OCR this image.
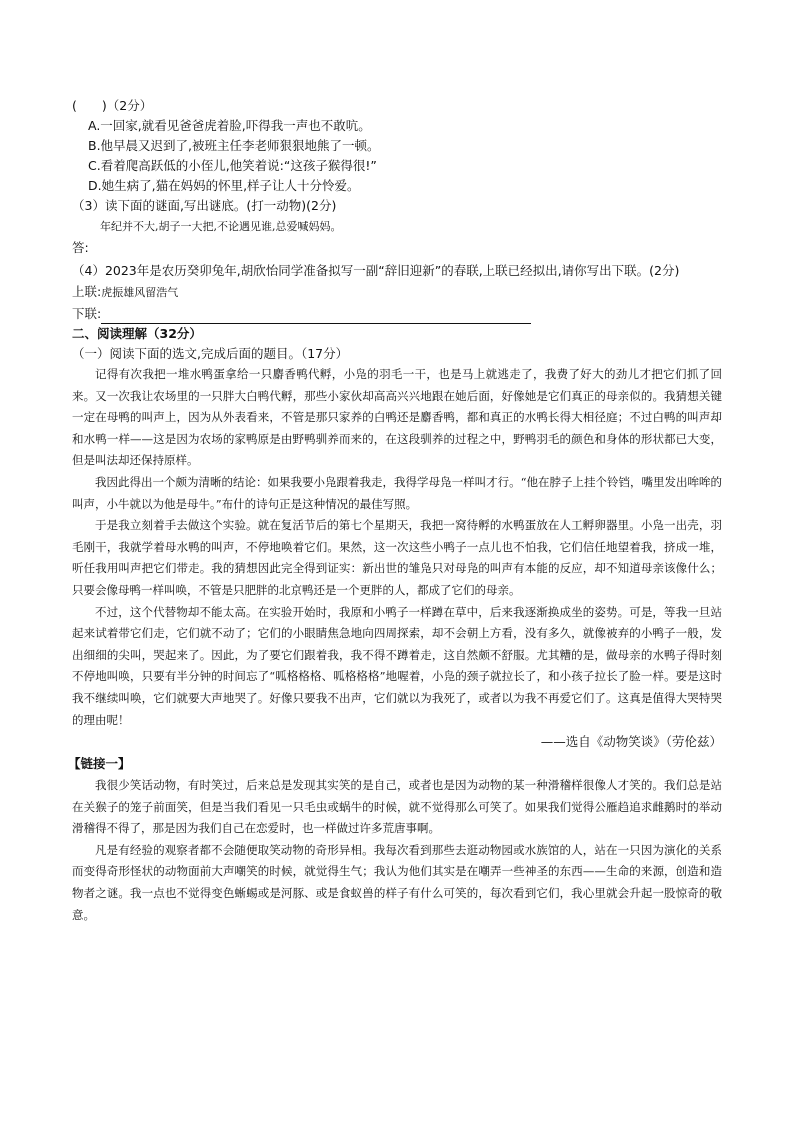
(　　)（2分）
A.一回家,就看见爸爸虎着脸,吓得我一声也不敢吭。
B.他早晨又迟到了,被班主任李老师狠狠地熊了一顿。
C.看着爬高跃低的小侄儿,他笑着说:“这孩子猴得很!”
D.她生病了,猫在妈妈的怀里,样子让人十分怜爱。
（3）读下面的谜面,写出谜底。(打一动物)(2分)
年纪并不大,胡子一大把,不论遇见谁,总爱喊妈妈。
答:
（4）2023年是农历癸卯兔年,胡欣怡同学准备拟写一副“辞旧迎新”的春联,上联已经拟出,请你写出下联。(2分)
上联:虎振雄风留浩气
下联:
二、阅读理解（32分）
（一）阅读下面的选文,完成后面的题目。（17分）

记得有次我把一堆水鸭蛋拿给一只麝香鸭代孵，小凫的羽毛一干，也是马上就逃走了，我费了好大的劲儿才把它们抓了回来。又一次我让农场里的一只胖大白鸭代孵，那些小家伙却高高兴兴地跟在她后面，好像她是它们真正的母亲似的。我猜想关键一定在母鸭的叫声上，因为从外表看来，不管是那只家养的白鸭还是麝香鸭，都和真正的水鸭长得大相径庭；不过白鸭的叫声却和水鸭一样——这是因为农场的家鸭原是由野鸭驯养而来的，在这段驯养的过程之中，野鸭羽毛的颜色和身体的形状都已大变，但是叫法却还保持原样。

我因此得出一个颇为清晰的结论：如果我要小凫跟着我走，我得学母凫一样叫才行。“他在脖子上挂个铃铛，嘴里发出哞哞的叫声，小牛就以为他是母牛。”布什的诗句正是这种情况的最佳写照。

于是我立刻着手去做这个实验。就在复活节后的第七个星期天，我把一窝待孵的水鸭蛋放在人工孵卵器里。小凫一出壳，羽毛刚干，我就学着母水鸭的叫声，不停地唤着它们。果然，这一次这些小鸭子一点儿也不怕我，它们信任地望着我，挤成一堆，听任我用叫声把它们带走。我的猜想因此完全得到证实：新出世的雏凫只对母凫的叫声有本能的反应，却不知道母亲该像什么；只要会像母鸭一样叫唤，不管是只肥胖的北京鸭还是一个更胖的人，都成了它们的母亲。

不过，这个代替物却不能太高。在实验开始时，我原和小鸭子一样蹲在草中，后来我逐渐换成坐的姿势。可是，等我一旦站起来试着带它们走，它们就不动了；它们的小眼睛焦急地向四周探索，却不会朝上方看，没有多久，就像被弃的小鸭子一般，发出细细的尖叫，哭起来了。因此，为了要它们跟着我，我不得不蹲着走，这自然颇不舒服。尤其糟的是，做母亲的水鸭子得时刻不停地叫唤，只要有半分钟的时间忘了“呱格格格、呱格格格”地喔着，小凫的颈子就拉长了，和小孩子拉长了脸一样。要是这时我不继续叫唤，它们就要大声地哭了。好像只要我不出声，它们就以为我死了，或者以为我不再爱它们了。这真是值得大哭特哭的理由呢！

——选自《动物笑谈》（劳伦兹）
【链接一】

我很少笑话动物，有时笑过，后来总是发现其实笑的是自己，或者也是因为动物的某一种滑稽样很像人才笑的。我们总是站在关猴子的笼子前面笑，但是当我们看见一只毛虫或蜗牛的时候，就不觉得那么可笑了。如果我们觉得公雁趋追求雌鹅时的举动滑稽得不得了，那是因为我们自己在恋爱时，也一样做过许多荒唐事啊。

凡是有经验的观察者都不会随便取笑动物的奇形异相。我每次看到那些去逛动物园或水族馆的人，站在一只因为演化的关系而变得奇形怪状的动物面前大声嘲笑的时候，就觉得生气；我认为他们其实是在嘲弄一些神圣的东西——生命的来源，创造和造物者之谜。我一点也不觉得变色蜥蜴或是河豚、或是食蚁兽的样子有什么可笑的，每次看到它们，我心里就会升起一股惊奇的敬意。
